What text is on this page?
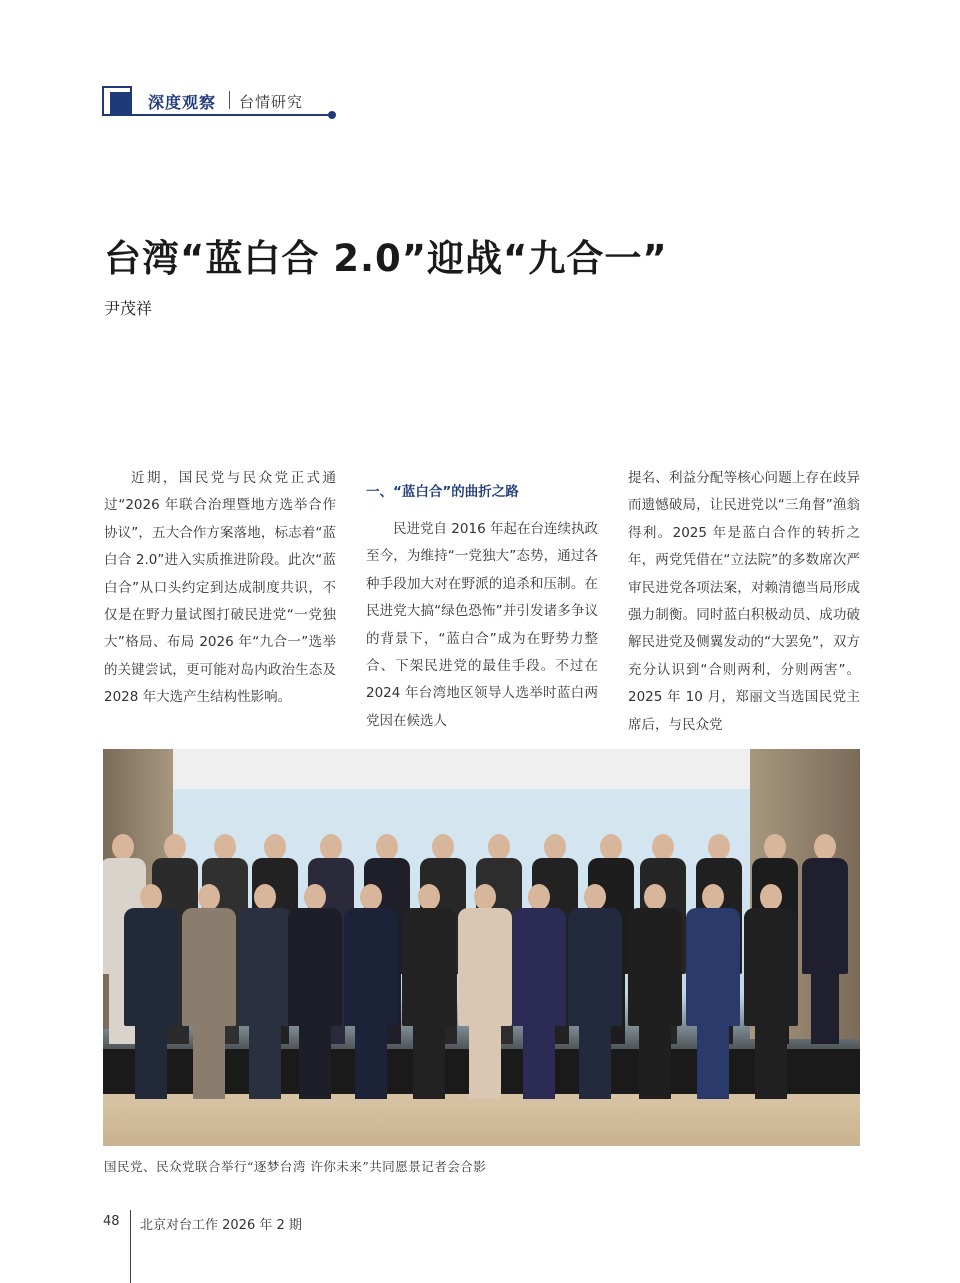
深度观察 台情研究
台湾“蓝白合 2.0”迎战“九合一”
尹茂祥

近期，国民党与民众党正式通过“2026 年联合治理暨地方选举合作协议”，五大合作方案落地，标志着“蓝白合 2.0”进入实质推进阶段。此次“蓝白合”从口头约定到达成制度共识，不仅是在野力量试图打破民进党“一党独大”格局、布局 2026 年“九合一”选举的关键尝试，更可能对岛内政治生态及 2028 年大选产生结构性影响。

一、“蓝白合”的曲折之路

民进党自 2016 年起在台连续执政至今，为维持“一党独大”态势，通过各种手段加大对在野派的追杀和压制。在民进党大搞“绿色恐怖”并引发诸多争议的背景下，“蓝白合”成为在野势力整合、下架民进党的最佳手段。不过在 2024 年台湾地区领导人选举时蓝白两党因在候选人

提名、利益分配等核心问题上存在歧异而遗憾破局，让民进党以“三角督”渔翁得利。2025 年是蓝白合作的转折之年，两党凭借在“立法院”的多数席次严审民进党各项法案，对赖清德当局形成强力制衡。同时蓝白积极动员、成功破解民进党及侧翼发动的“大罢免”，双方充分认识到“合则两利，分则两害”。2025 年 10 月，郑丽文当选国民党主席后，与民众党

国民党、民众党联合举行“逐梦台湾 许你未来”共同愿景记者会合影
48 北京对台工作 2026 年 2 期
